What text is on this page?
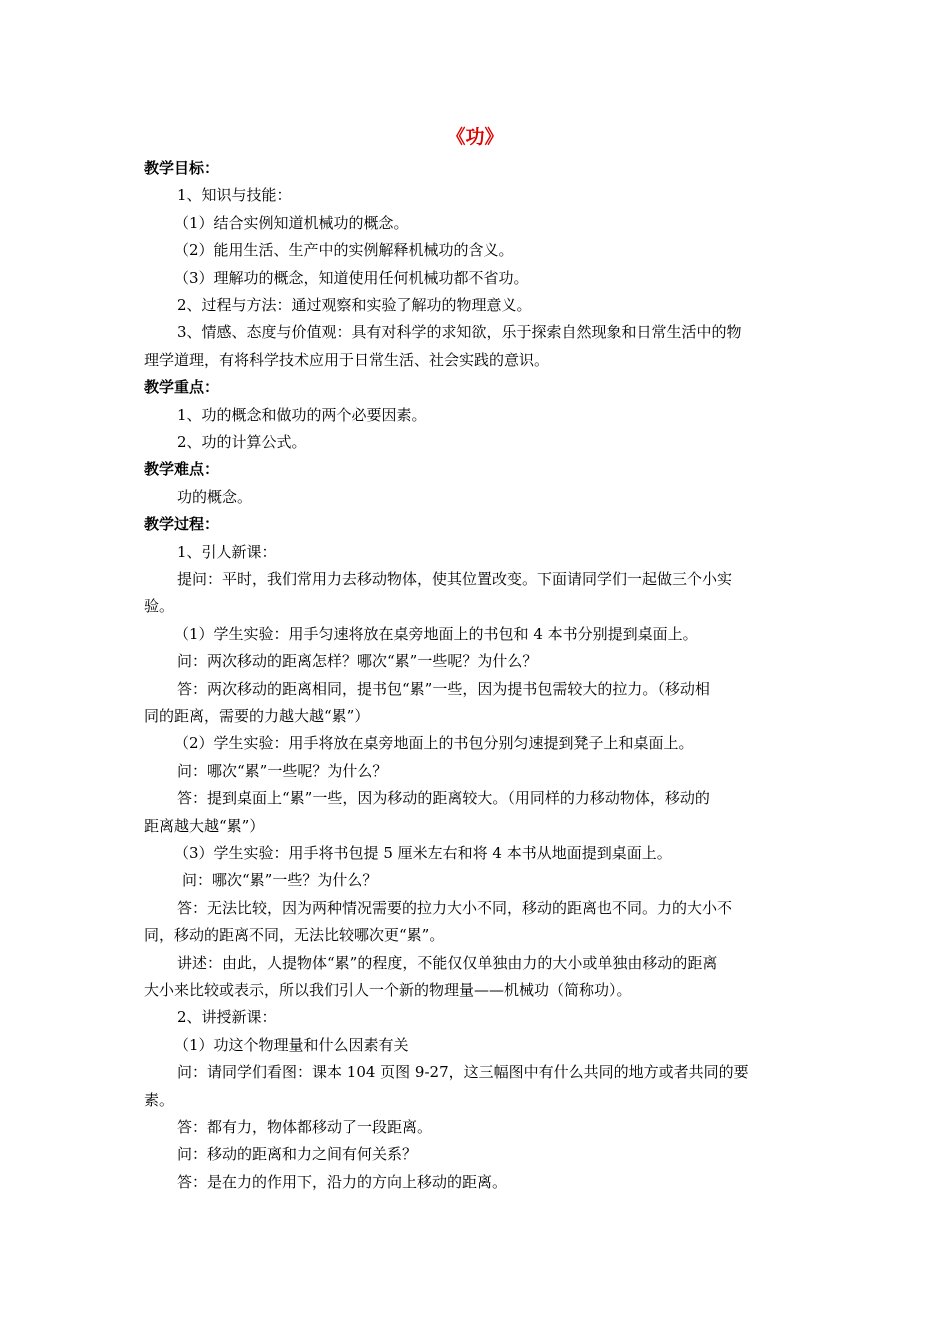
《功》
教学目标：
1、知识与技能：
（1）结合实例知道机械功的概念。
（2）能用生活、生产中的实例解释机械功的含义。
（3）理解功的概念，知道使用任何机械功都不省功。
2、过程与方法：通过观察和实验了解功的物理意义。
3、情感、态度与价值观：具有对科学的求知欲，乐于探索自然现象和日常生活中的物
理学道理，有将科学技术应用于日常生活、社会实践的意识。
教学重点：
1、功的概念和做功的两个必要因素。
2、功的计算公式。
教学难点：
功的概念。
教学过程：
1、引人新课：
提问：平时，我们常用力去移动物体，使其位置改变。下面请同学们一起做三个小实
验。
（1）学生实验：用手匀速将放在桌旁地面上的书包和 4 本书分别提到桌面上。
问：两次移动的距离怎样？哪次“累”一些呢？为什么？
答：两次移动的距离相同，提书包“累”一些，因为提书包需较大的拉力。（移动相
同的距离，需要的力越大越“累”）
（2）学生实验：用手将放在桌旁地面上的书包分别匀速提到凳子上和桌面上。
问：哪次“累”一些呢？为什么？
答：提到桌面上“累”一些，因为移动的距离较大。（用同样的力移动物体，移动的
距离越大越“累”）
（3）学生实验：用手将书包提 5 厘米左右和将 4 本书从地面提到桌面上。
问：哪次“累”一些？为什么？
答：无法比较，因为两种情况需要的拉力大小不同，移动的距离也不同。力的大小不
同，移动的距离不同，无法比较哪次更“累”。
讲述：由此，人提物体“累”的程度，不能仅仅单独由力的大小或单独由移动的距离
大小来比较或表示，所以我们引人一个新的物理量——机械功（简称功）。
2、讲授新课：
（1）功这个物理量和什么因素有关
问：请同学们看图：课本 104 页图 9-27，这三幅图中有什么共同的地方或者共同的要
素。
答：都有力，物体都移动了一段距离。
问：移动的距离和力之间有何关系？
答：是在力的作用下，沿力的方向上移动的距离。
